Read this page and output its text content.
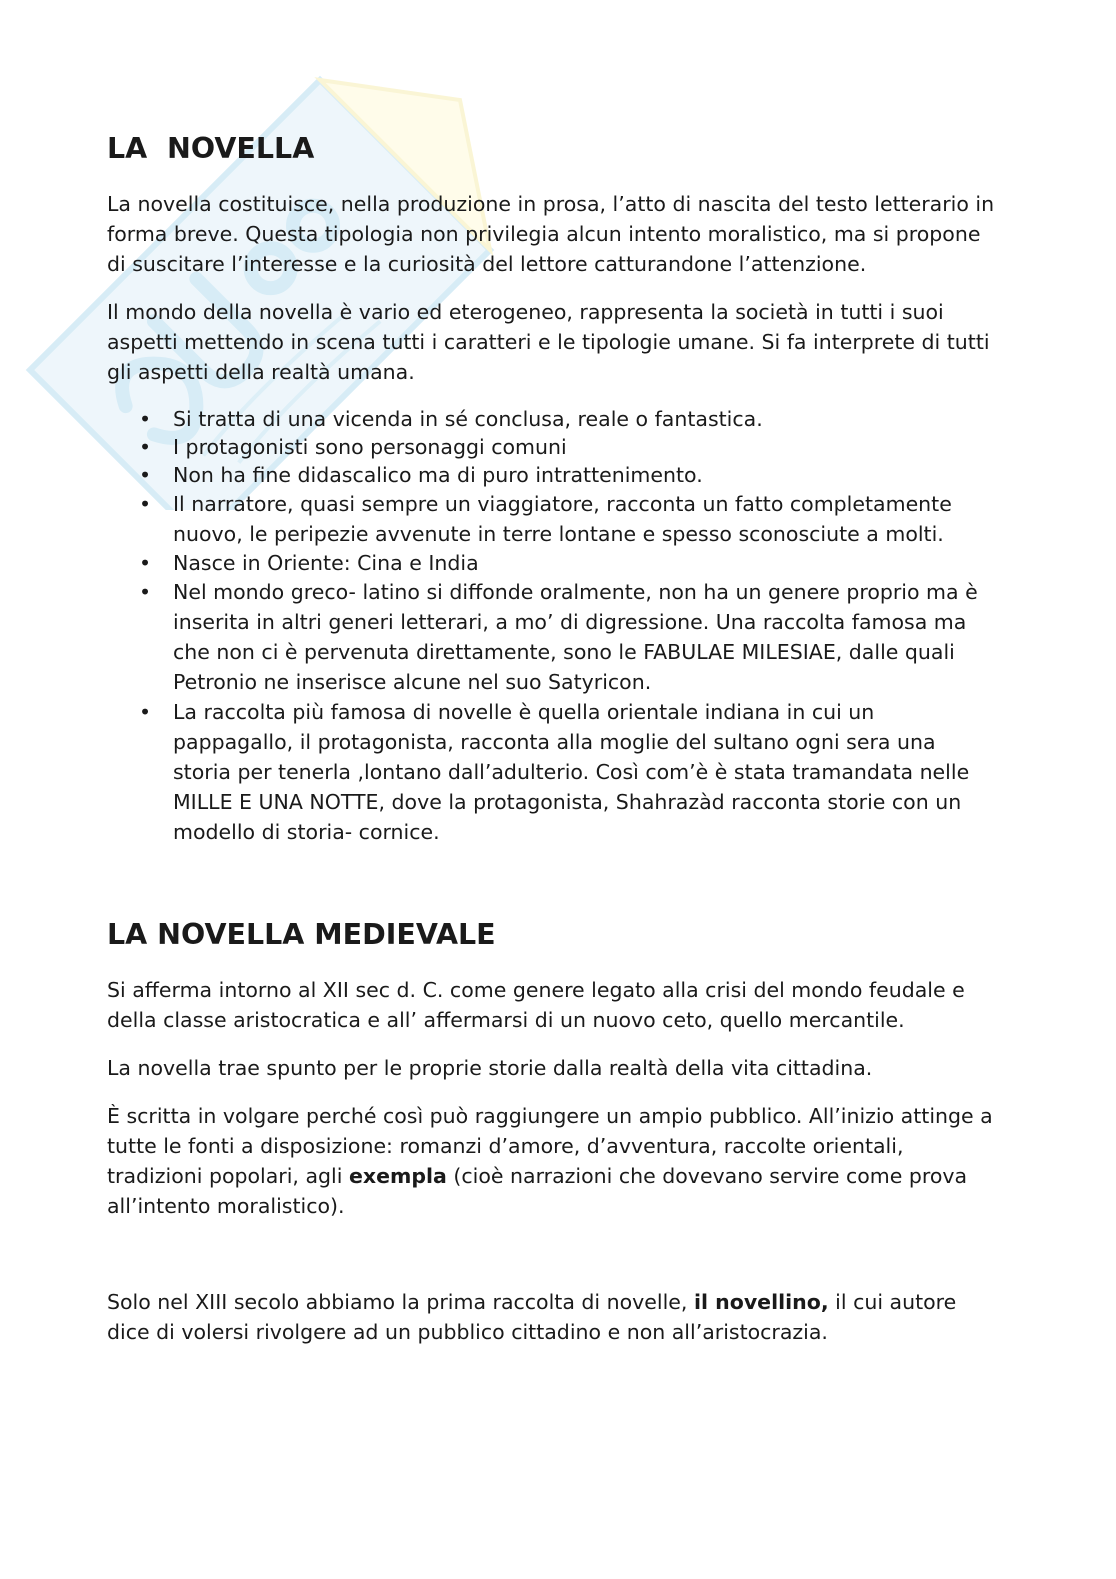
LA  NOVELLA

La novella costituisce, nella produzione in prosa, l’atto di nascita del testo letterario in forma breve. Questa tipologia non privilegia alcun intento moralistico, ma si propone di suscitare l’interesse e la curiosità del lettore catturandone l’attenzione.

Il mondo della novella è vario ed eterogeneo, rappresenta la società in tutti i suoi aspetti mettendo in scena tutti i caratteri e le tipologie umane. Si fa interprete di tutti gli aspetti della realtà umana.

• Si tratta di una vicenda in sé conclusa, reale o fantastica.
• I protagonisti sono personaggi comuni
• Non ha fine didascalico ma di puro intrattenimento.
• Il narratore, quasi sempre un viaggiatore, racconta un fatto completamente nuovo, le peripezie avvenute in terre lontane e spesso sconosciute a molti.
• Nasce in Oriente: Cina e India
• Nel mondo greco- latino si diffonde oralmente, non ha un genere proprio ma è inserita in altri generi letterari, a mo’ di digressione. Una raccolta famosa ma che non ci è pervenuta direttamente, sono le FABULAE MILESIAE, dalle quali Petronio ne inserisce alcune nel suo Satyricon.
• La raccolta più famosa di novelle è quella orientale indiana in cui un pappagallo, il protagonista, racconta alla moglie del sultano ogni sera una storia per tenerla ,lontano dall’adulterio. Così com’è è stata tramandata nelle MILLE E UNA NOTTE, dove la protagonista, Shahrazàd racconta storie con un modello di storia- cornice.
LA NOVELLA MEDIEVALE

Si afferma intorno al XII sec d. C. come genere legato alla crisi del mondo feudale e della classe aristocratica e all’ affermarsi di un nuovo ceto, quello mercantile.

La novella trae spunto per le proprie storie dalla realtà della vita cittadina.

È scritta in volgare perché così può raggiungere un ampio pubblico. All’inizio attinge a tutte le fonti a disposizione: romanzi d’amore, d’avventura, raccolte orientali, tradizioni popolari, agli exempla (cioè narrazioni che dovevano servire come prova all’intento moralistico).

Solo nel XIII secolo abbiamo la prima raccolta di novelle, il novellino, il cui autore dice di volersi rivolgere ad un pubblico cittadino e non all’aristocrazia.
